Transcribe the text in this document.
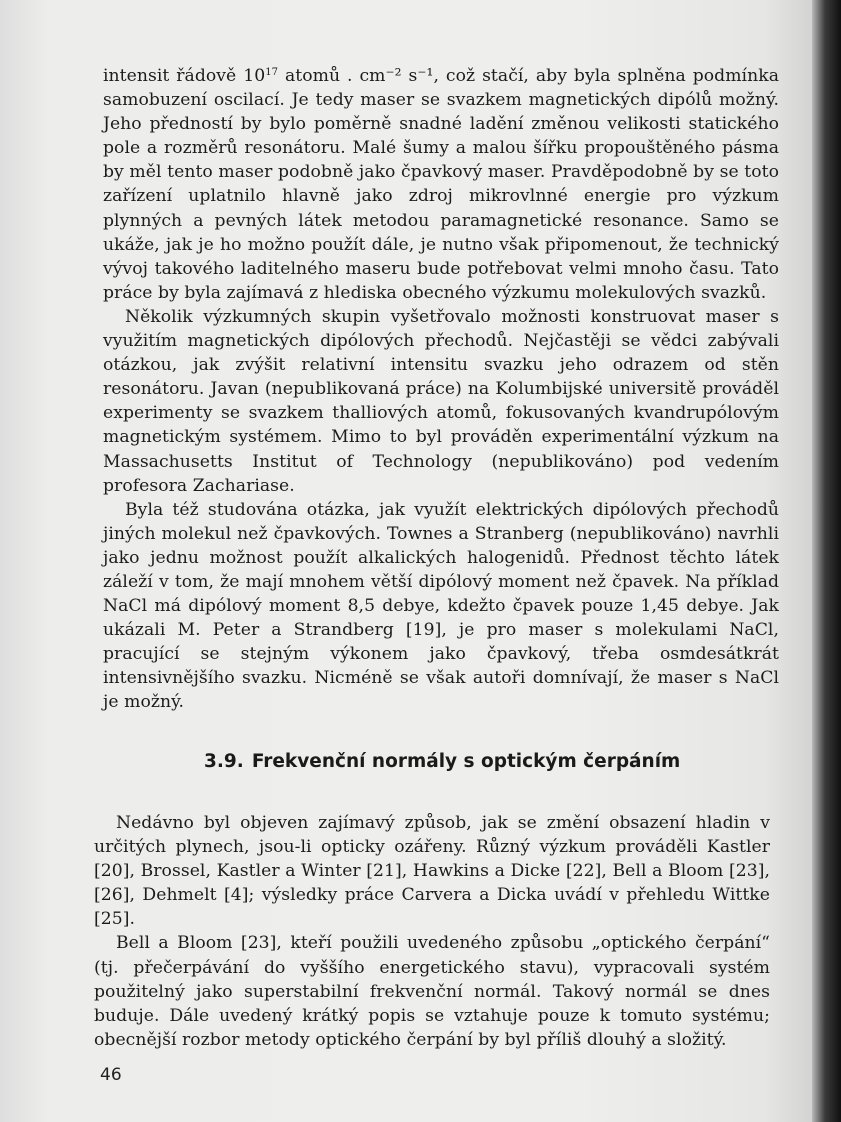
intensit řádově $10^{17}$ atomů . cm⁻² s⁻¹, což stačí, aby byla splněna podmínka samobuzení oscilací. Je tedy maser se svazkem magnetických dipólů možný. Jeho předností by bylo poměrně snadné ladění změnou velikosti statického pole a rozměrů resonátoru. Malé šumy a malou šířku propouštěného pásma by měl tento maser podobně jako čpavkový maser. Pravděpodobně by se toto zařízení uplatnilo hlavně jako zdroj mikrovlnné energie pro výzkum plynných a pevných látek metodou paramagnetické resonance. Samo se ukáže, jak je ho možno použít dále, je nutno však připomenout, že technický vývoj takového laditelného maseru bude potřebovat velmi mnoho času. Tato práce by byla zajímavá z hlediska obecného výzkumu molekulových svazků.

Několik výzkumných skupin vyšetřovalo možnosti konstruovat maser s využitím magnetických dipólových přechodů. Nejčastěji se vědci zabývali otázkou, jak zvýšit relativní intensitu svazku jeho odrazem od stěn resonátoru. Javan (nepublikovaná práce) na Kolumbijské universitě prováděl experimenty se svazkem thalliových atomů, fokusovaných kvandrupólovým magnetickým systémem. Mimo to byl prováděn experimentální výzkum na Massachusetts Institut of Technology (nepublikováno) pod vedením profesora Zachariase.

Byla též studována otázka, jak využít elektrických dipólových přechodů jiných molekul než čpavkových. Townes a Stranberg (nepublikováno) navrhli jako jednu možnost použít alkalických halogenidů. Přednost těchto látek záleží v tom, že mají mnohem větší dipólový moment než čpavek. Na příklad NaCl má dipólový moment 8,5 debye, kdežto čpavek pouze 1,45 debye. Jak ukázali M. Peter a Strandberg [19], je pro maser s molekulami NaCl, pracující se stejným výkonem jako čpavkový, třeba osmdesátkrát intensivnějšího svazku. Nicméně se však autoři domnívají, že maser s NaCl je možný.

3.9. Frekvenční normály s optickým čerpáním

Nedávno byl objeven zajímavý způsob, jak se změní obsazení hladin v určitých plynech, jsou-li opticky ozářeny. Různý výzkum prováděli Kastler [20], Brossel, Kastler a Winter [21], Hawkins a Dicke [22], Bell a Bloom [23], [26], Dehmelt [4]; výsledky práce Carvera a Dicka uvádí v přehledu Wittke [25].

Bell a Bloom [23], kteří použili uvedeného způsobu „optického čerpání“ (tj. přečerpávání do vyššího energetického stavu), vypracovali systém použitelný jako superstabilní frekvenční normál. Takový normál se dnes buduje. Dále uvedený krátký popis se vztahuje pouze k tomuto systému; obecnější rozbor metody optického čerpání by byl příliš dlouhý a složitý.

46
